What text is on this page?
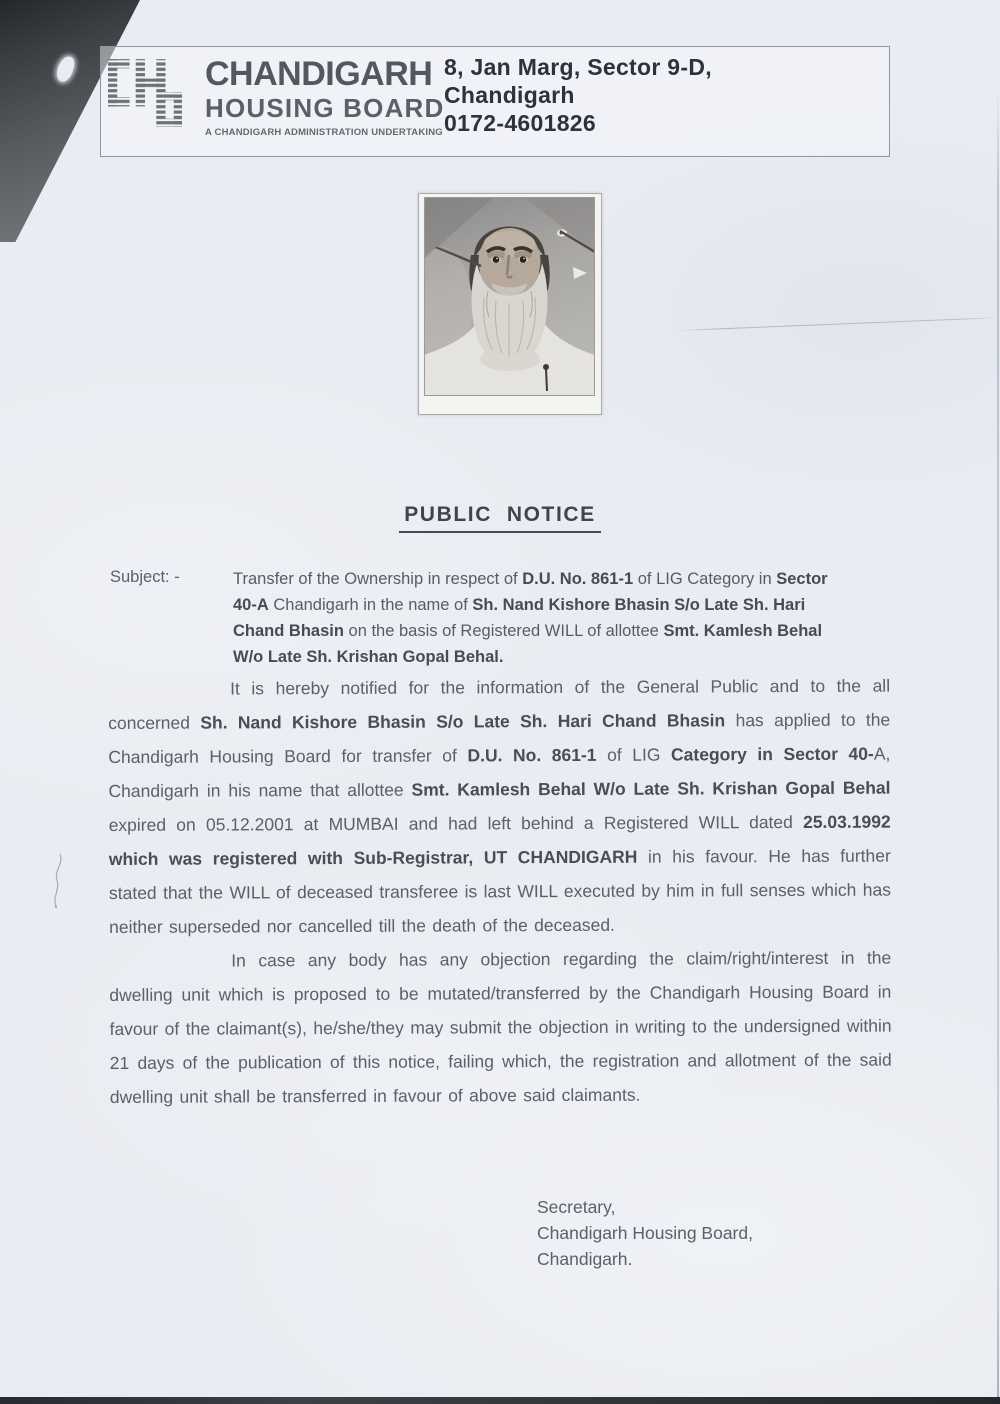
CHANDIGARH
HOUSING BOARD
A CHANDIGARH ADMINISTRATION UNDERTAKING
8, Jan Marg, Sector 9-D,
Chandigarh
0172-4601826
PUBLIC  NOTICE
Subject: -	Transfer of the Ownership in respect of D.U. No. 861-1 of LIG Category in Sector 40-A Chandigarh in the name of Sh. Nand Kishore Bhasin S/o Late Sh. Hari Chand Bhasin on the basis of Registered WILL of allottee Smt. Kamlesh Behal W/o Late Sh. Krishan Gopal Behal.

It is hereby notified for the information of the General Public and to the all concerned Sh. Nand Kishore Bhasin S/o Late Sh. Hari Chand Bhasin has applied to the Chandigarh Housing Board for transfer of D.U. No. 861-1 of LIG Category in Sector 40-A, Chandigarh in his name that allottee Smt. Kamlesh Behal W/o Late Sh. Krishan Gopal Behal expired on 05.12.2001 at MUMBAI and had left behind a Registered WILL dated 25.03.1992 which was registered with Sub-Registrar, UT CHANDIGARH in his favour. He has further stated that the WILL of deceased transferee is last WILL executed by him in full senses which has neither superseded nor cancelled till the death of the deceased.

In case any body has any objection regarding the claim/right/interest in the dwelling unit which is proposed to be mutated/transferred by the Chandigarh Housing Board in favour of the claimant(s), he/she/they may submit the objection in writing to the undersigned within 21 days of the publication of this notice, failing which, the registration and allotment of the said dwelling unit shall be transferred in favour of above said claimants.

Secretary,
Chandigarh Housing Board,
Chandigarh.
